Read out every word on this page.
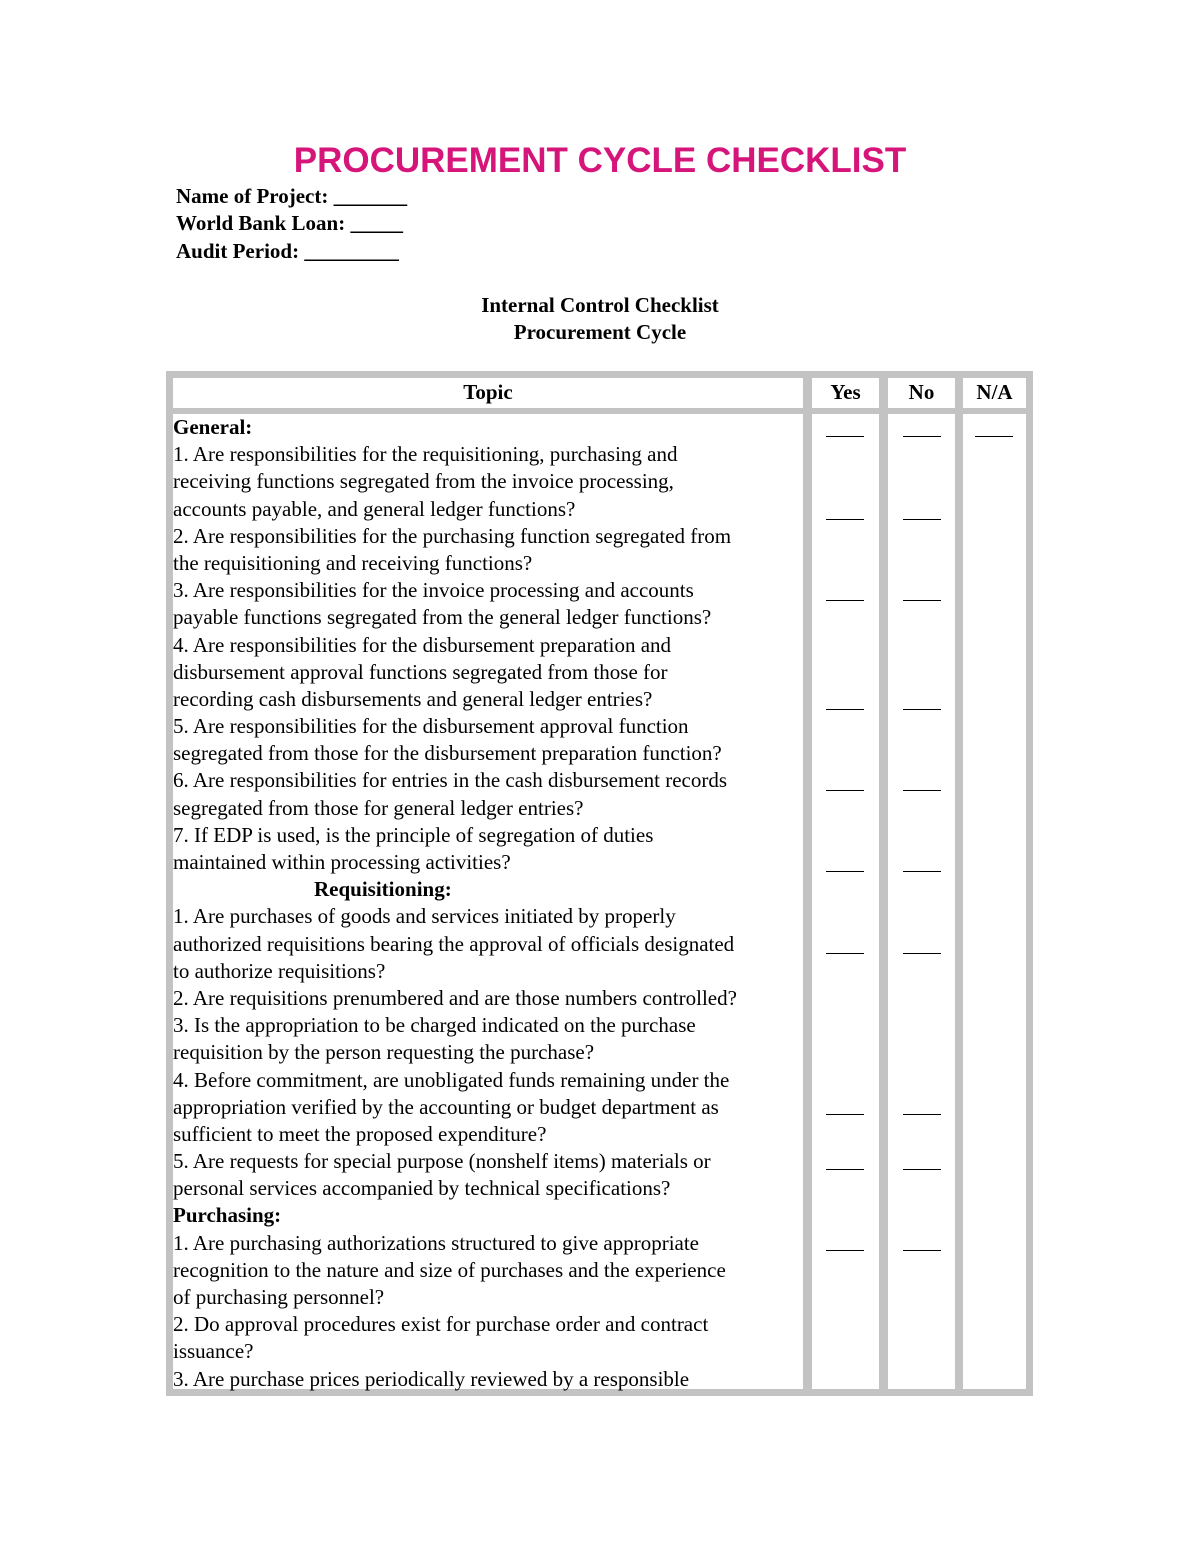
PROCUREMENT CYCLE CHECKLIST
Name of Project: _______
World Bank Loan: _____
Audit Period: _________
Internal Control Checklist
Procurement Cycle
Topic	Yes	No	N/A
General:
1. Are responsibilities for the requisitioning, purchasing and
receiving functions segregated from the invoice processing,
accounts payable, and general ledger functions?
2. Are responsibilities for the purchasing function segregated from
the requisitioning and receiving functions?
3. Are responsibilities for the invoice processing and accounts
payable functions segregated from the general ledger functions?
4. Are responsibilities for the disbursement preparation and
disbursement approval functions segregated from those for
recording cash disbursements and general ledger entries?
5. Are responsibilities for the disbursement approval function
segregated from those for the disbursement preparation function?
6. Are responsibilities for entries in the cash disbursement records
segregated from those for general ledger entries?
7. If EDP is used, is the principle of segregation of duties
maintained within processing activities?
Requisitioning:
1. Are purchases of goods and services initiated by properly
authorized requisitions bearing the approval of officials designated
to authorize requisitions?
2. Are requisitions prenumbered and are those numbers controlled?
3. Is the appropriation to be charged indicated on the purchase
requisition by the person requesting the purchase?
4. Before commitment, are unobligated funds remaining under the
appropriation verified by the accounting or budget department as
sufficient to meet the proposed expenditure?
5. Are requests for special purpose (nonshelf items) materials or
personal services accompanied by technical specifications?
Purchasing:
1. Are purchasing authorizations structured to give appropriate
recognition to the nature and size of purchases and the experience
of purchasing personnel?
2. Do approval procedures exist for purchase order and contract
issuance?
3. Are purchase prices periodically reviewed by a responsible
